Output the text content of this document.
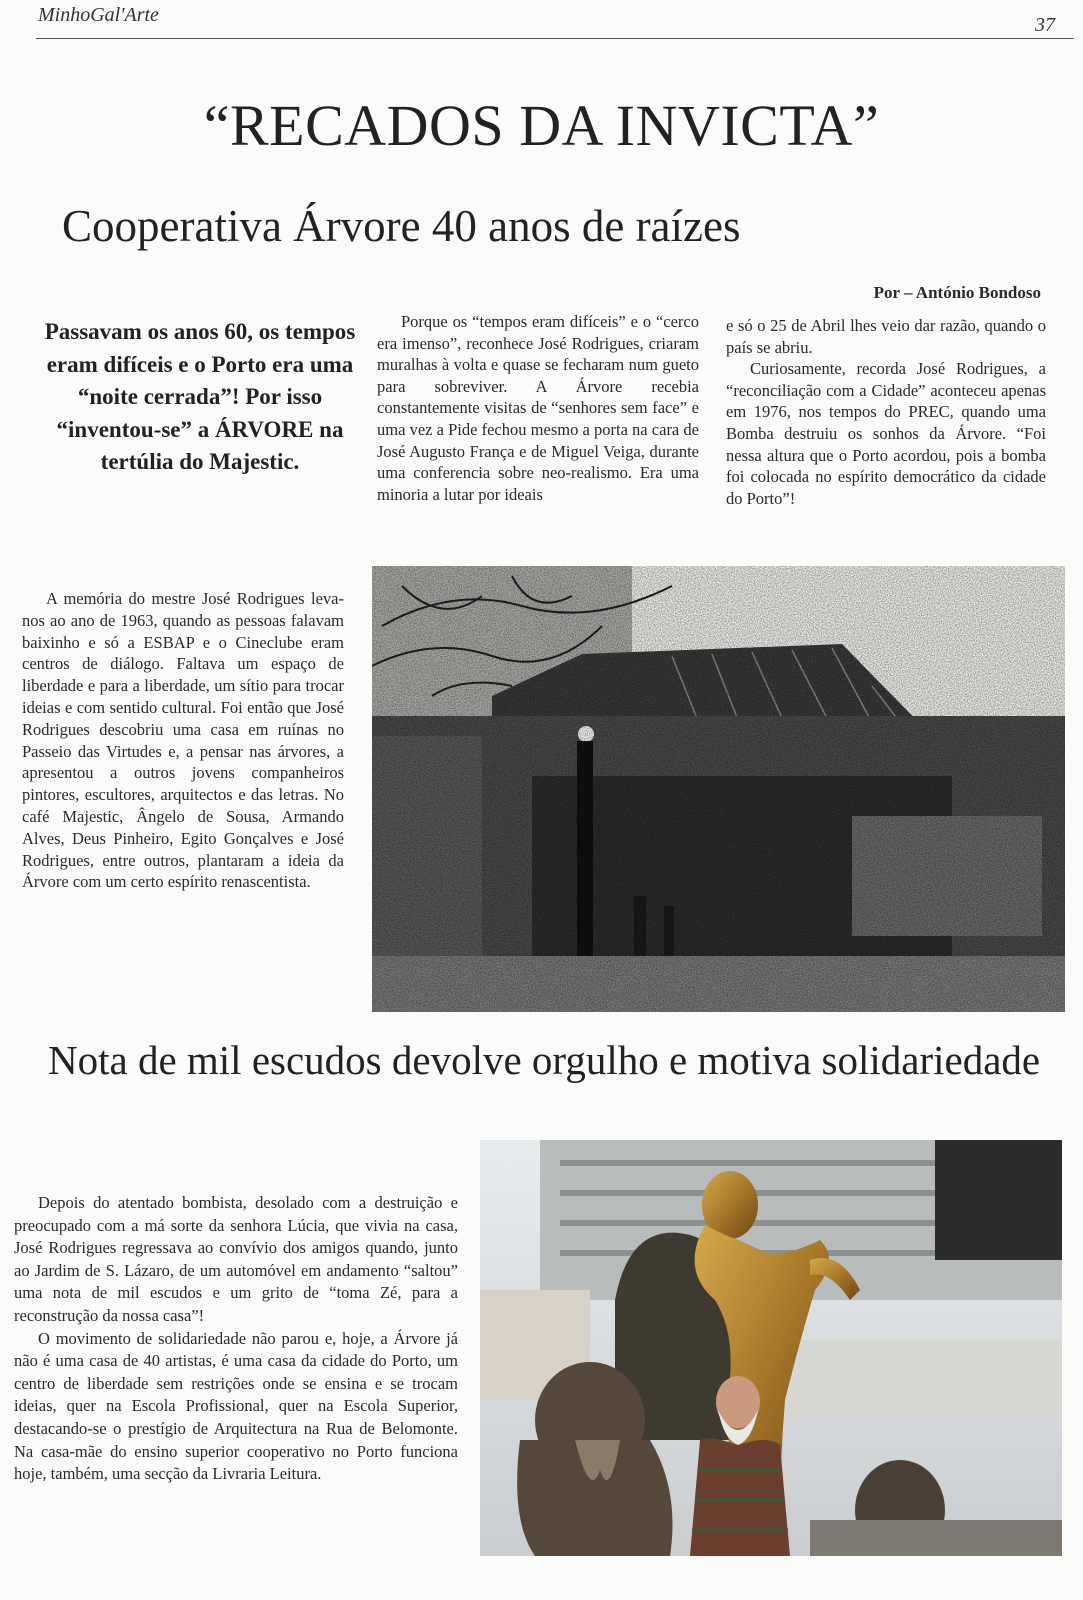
MinhoGal'Arte	37
“RECADOS DA INVICTA”
Cooperativa Árvore 40 anos de raízes
Por – António Bondoso
Passavam os anos 60, os tempos eram difíceis e o Porto era uma “noite cerrada”! Por isso “inventou-se” a ÁRVORE na tertúlia do Majestic.

Porque os “tempos eram difíceis” e o “cerco era imenso”, reconhece José Rodrigues, criaram muralhas à volta e quase se fecharam num gueto para sobreviver. A Árvore recebia constantemente visitas de “senhores sem face” e uma vez a Pide fechou mesmo a porta na cara de José Augusto França e de Miguel Veiga, durante uma conferencia sobre neo-realismo. Era uma minoria a lutar por ideais

e só o 25 de Abril lhes veio dar razão, quando o país se abriu.

Curiosamente, recorda José Rodrigues, a “reconciliação com a Cidade” aconteceu apenas em 1976, nos tempos do PREC, quando uma Bomba destruiu os sonhos da Árvore. “Foi nessa altura que o Porto acordou, pois a bomba foi colocada no espírito democrático da cidade do Porto”!

A memória do mestre José Rodrigues leva-nos ao ano de 1963, quando as pessoas falavam baixinho e só a ESBAP e o Cineclube eram centros de diálogo. Faltava um espaço de liberdade e para a liberdade, um sítio para trocar ideias e com sentido cultural. Foi então que José Rodrigues descobriu uma casa em ruínas no Passeio das Virtudes e, a pensar nas árvores, a apresentou a outros jovens companheiros pintores, escultores, arquitectos e das letras. No café Majestic, Ângelo de Sousa, Armando Alves, Deus Pinheiro, Egito Gonçalves e José Rodrigues, entre outros, plantaram a ideia da Árvore com um certo espírito renascentista.

Nota de mil escudos devolve orgulho e motiva solidariedade

Depois do atentado bombista, desolado com a destruição e preocupado com a má sorte da senhora Lúcia, que vivia na casa, José Rodrigues regressava ao convívio dos amigos quando, junto ao Jardim de S. Lázaro, de um automóvel em andamento “saltou” uma nota de mil escudos e um grito de “toma Zé, para a reconstrução da nossa casa”!

O movimento de solidariedade não parou e, hoje, a Árvore já não é uma casa de 40 artistas, é uma casa da cidade do Porto, um centro de liberdade sem restrições onde se ensina e se trocam ideias, quer na Escola Profissional, quer na Escola Superior, destacando-se o prestígio de Arquitectura na Rua de Belomonte. Na casa-mãe do ensino superior cooperativo no Porto funciona hoje, também, uma secção da Livraria Leitura.
